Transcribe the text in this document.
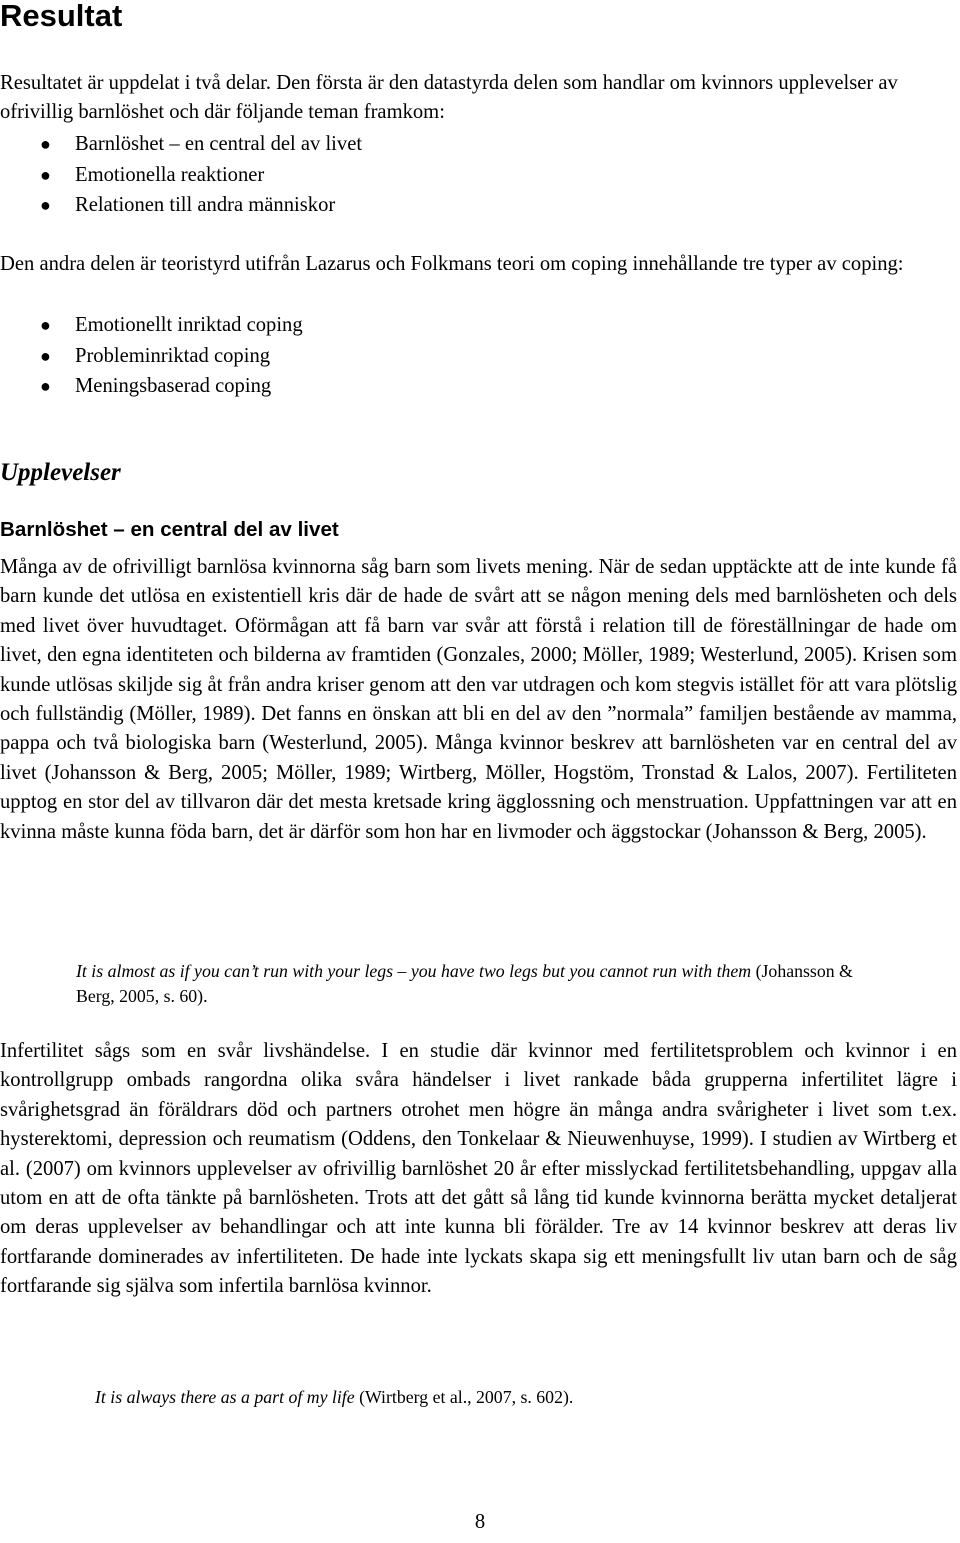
Resultat

Resultatet är uppdelat i två delar. Den första är den datastyrda delen som handlar om kvinnors upplevelser av ofrivillig barnlöshet och där följande teman framkom:

● Barnlöshet – en central del av livet
● Emotionella reaktioner
● Relationen till andra människor

Den andra delen är teoristyrd utifrån Lazarus och Folkmans teori om coping innehållande tre typer av coping:

● Emotionellt inriktad coping
● Probleminriktad coping
● Meningsbaserad coping
Upplevelser
Barnlöshet – en central del av livet

Många av de ofrivilligt barnlösa kvinnorna såg barn som livets mening. När de sedan upptäckte att de inte kunde få barn kunde det utlösa en existentiell kris där de hade de svårt att se någon mening dels med barnlösheten och dels med livet över huvudtaget. Oförmågan att få barn var svår att förstå i relation till de föreställningar de hade om livet, den egna identiteten och bilderna av framtiden (Gonzales, 2000; Möller, 1989; Westerlund, 2005). Krisen som kunde utlösas skiljde sig åt från andra kriser genom att den var utdragen och kom stegvis istället för att vara plötslig och fullständig (Möller, 1989). Det fanns en önskan att bli en del av den ”normala” familjen bestående av mamma, pappa och två biologiska barn (Westerlund, 2005). Många kvinnor beskrev att barnlösheten var en central del av livet (Johansson & Berg, 2005; Möller, 1989; Wirtberg, Möller, Hogstöm, Tronstad & Lalos, 2007). Fertiliteten upptog en stor del av tillvaron där det mesta kretsade kring ägglossning och menstruation. Uppfattningen var att en kvinna måste kunna föda barn, det är därför som hon har en livmoder och äggstockar (Johansson & Berg, 2005).

It is almost as if you can’t run with your legs – you have two legs but you cannot run with them (Johansson & Berg, 2005, s. 60).

Infertilitet sågs som en svår livshändelse. I en studie där kvinnor med fertilitetsproblem och kvinnor i en kontrollgrupp ombads rangordna olika svåra händelser i livet rankade båda grupperna infertilitet lägre i svårighetsgrad än föräldrars död och partners otrohet men högre än många andra svårigheter i livet som t.ex. hysterektomi, depression och reumatism (Oddens, den Tonkelaar & Nieuwenhuyse, 1999). I studien av Wirtberg et al. (2007) om kvinnors upplevelser av ofrivillig barnlöshet 20 år efter misslyckad fertilitetsbehandling, uppgav alla utom en att de ofta tänkte på barnlösheten. Trots att det gått så lång tid kunde kvinnorna berätta mycket detaljerat om deras upplevelser av behandlingar och att inte kunna bli förälder. Tre av 14 kvinnor beskrev att deras liv fortfarande dominerades av infertiliteten. De hade inte lyckats skapa sig ett meningsfullt liv utan barn och de såg fortfarande sig själva som infertila barnlösa kvinnor.

It is always there as a part of my life (Wirtberg et al., 2007, s. 602).

8
